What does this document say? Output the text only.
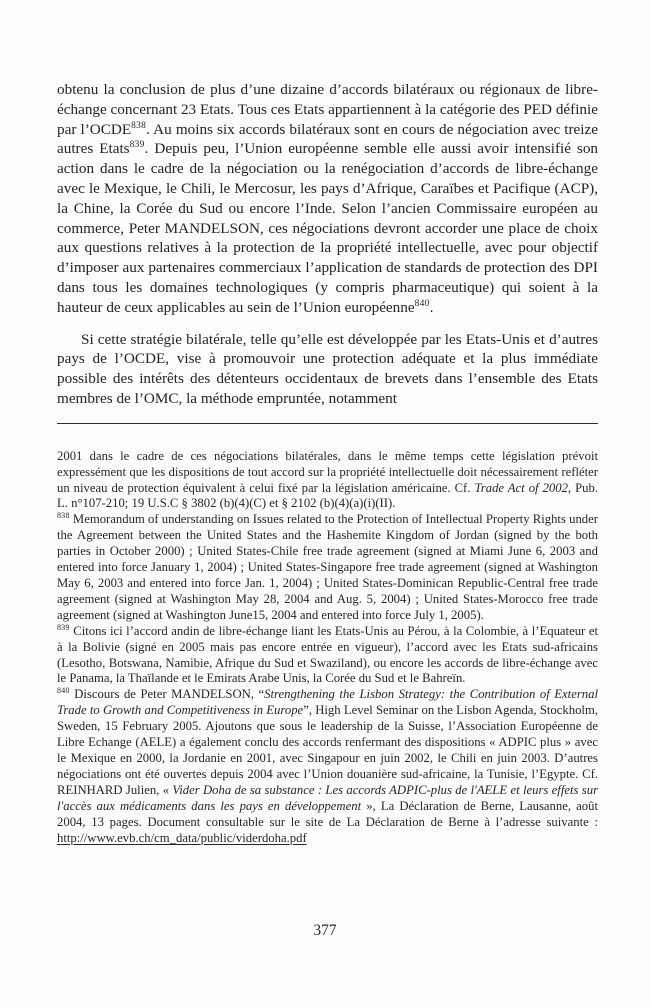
obtenu la conclusion de plus d’une dizaine d’accords bilatéraux ou régionaux de libre-échange concernant 23 Etats. Tous ces Etats appartiennent à la catégorie des PED définie par l’OCDE$^{838}$. Au moins six accords bilatéraux sont en cours de négociation avec treize autres Etats$^{839}$. Depuis peu, l’Union européenne semble elle aussi avoir intensifié son action dans le cadre de la négociation ou la renégociation d’accords de libre-échange avec le Mexique, le Chili, le Mercosur, les pays d’Afrique, Caraïbes et Pacifique (ACP), la Chine, la Corée du Sud ou encore l’Inde. Selon l’ancien Commissaire européen au commerce, Peter MANDELSON, ces négociations devront accorder une place de choix aux questions relatives à la protection de la propriété intellectuelle, avec pour objectif d’imposer aux partenaires commerciaux l’application de standards de protection des DPI dans tous les domaines technologiques (y compris pharmaceutique) qui soient à la hauteur de ceux applicables au sein de l’Union européenne$^{840}$.

Si cette stratégie bilatérale, telle qu’elle est développée par les Etats-Unis et d’autres pays de l’OCDE, vise à promouvoir une protection adéquate et la plus immédiate possible des intérêts des détenteurs occidentaux de brevets dans l’ensemble des Etats membres de l’OMC, la méthode empruntée, notamment

2001 dans le cadre de ces négociations bilatérales, dans le même temps cette législation prévoit expressément que les dispositions de tout accord sur la propriété intellectuelle doit nécessairement refléter un niveau de protection équivalent à celui fixé par la législation américaine. Cf. Trade Act of 2002, Pub. L. n°107-210; 19 U.S.C § 3802 (b)(4)(C) et § 2102 (b)(4)(a)(i)(II).

$^{838}$ Memorandum of understanding on Issues related to the Protection of Intellectual Property Rights under the Agreement between the United States and the Hashemite Kingdom of Jordan (signed by the both parties in October 2000) ; United States-Chile free trade agreement (signed at Miami June 6, 2003 and entered into force January 1, 2004) ; United States-Singapore free trade agreement (signed at Washington May 6, 2003 and entered into force Jan. 1, 2004) ; United States-Dominican Republic-Central free trade agreement (signed at Washington May 28, 2004 and Aug. 5, 2004) ; United States-Morocco free trade agreement (signed at Washington June15, 2004 and entered into force July 1, 2005).

$^{839}$ Citons ici l’accord andin de libre-échange liant les Etats-Unis au Pérou, à la Colombie, à l’Equateur et à la Bolivie (signé en 2005 mais pas encore entrée en vigueur), l’accord avec les Etats sud-africains (Lesotho, Botswana, Namibie, Afrique du Sud et Swaziland), ou encore les accords de libre-échange avec le Panama, la Thaïlande et le Emirats Arabe Unis, la Corée du Sud et le Bahreïn.

$^{840}$ Discours de Peter MANDELSON, “Strengthening the Lisbon Strategy: the Contribution of External Trade to Growth and Competitiveness in Europe”, High Level Seminar on the Lisbon Agenda, Stockholm, Sweden, 15 February 2005. Ajoutons que sous le leadership de la Suisse, l’Association Européenne de Libre Echange (AELE) a également conclu des accords renfermant des dispositions « ADPIC plus » avec le Mexique en 2000, la Jordanie en 2001, avec Singapour en juin 2002, le Chili en juin 2003. D’autres négociations ont été ouvertes depuis 2004 avec l’Union douanière sud-africaine, la Tunisie, l’Egypte. Cf. REINHARD Julien, « Vider Doha de sa substance : Les accords ADPIC-plus de l'AELE et leurs effets sur l'accès aux médicaments dans les pays en développement », La Déclaration de Berne, Lausanne, août 2004, 13 pages. Document consultable sur le site de La Déclaration de Berne à l’adresse suivante : http://www.evb.ch/cm_data/public/viderdoha.pdf

377
